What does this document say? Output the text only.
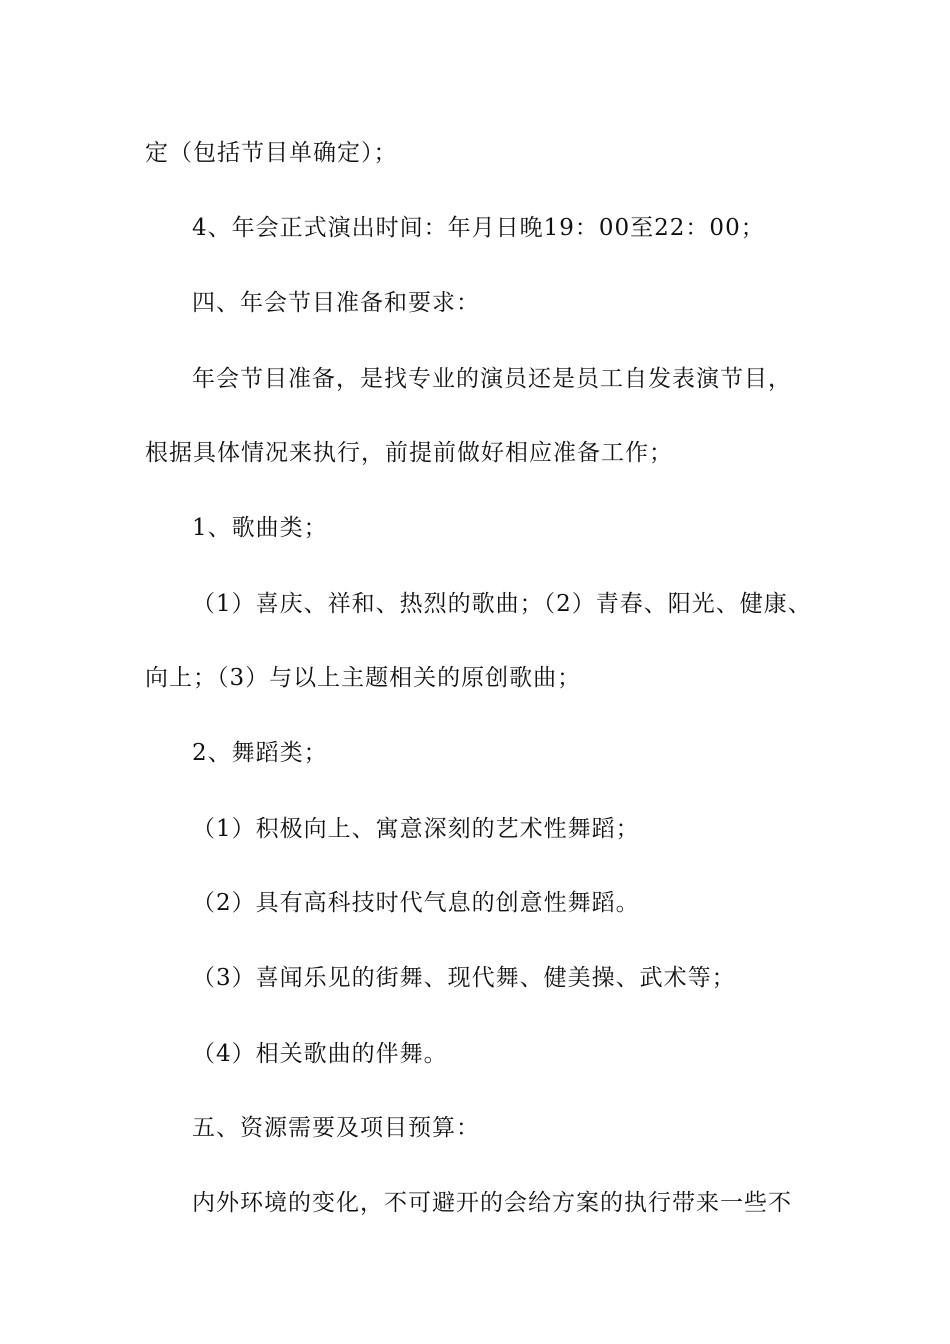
定（包括节目单确定）；
4、年会正式演出时间：年月日晚19：00至22：00；
四、年会节目准备和要求：
年会节目准备，是找专业的演员还是员工自发表演节目，
根据具体情况来执行，前提前做好相应准备工作；
1、歌曲类；
（1）喜庆、祥和、热烈的歌曲；（2）青春、阳光、健康、
向上；（3）与以上主题相关的原创歌曲；
2、舞蹈类；
（1）积极向上、寓意深刻的艺术性舞蹈；
（2）具有高科技时代气息的创意性舞蹈。
（3）喜闻乐见的街舞、现代舞、健美操、武术等；
（4）相关歌曲的伴舞。
五、资源需要及项目预算：
内外环境的变化，不可避开的会给方案的执行带来一些不
